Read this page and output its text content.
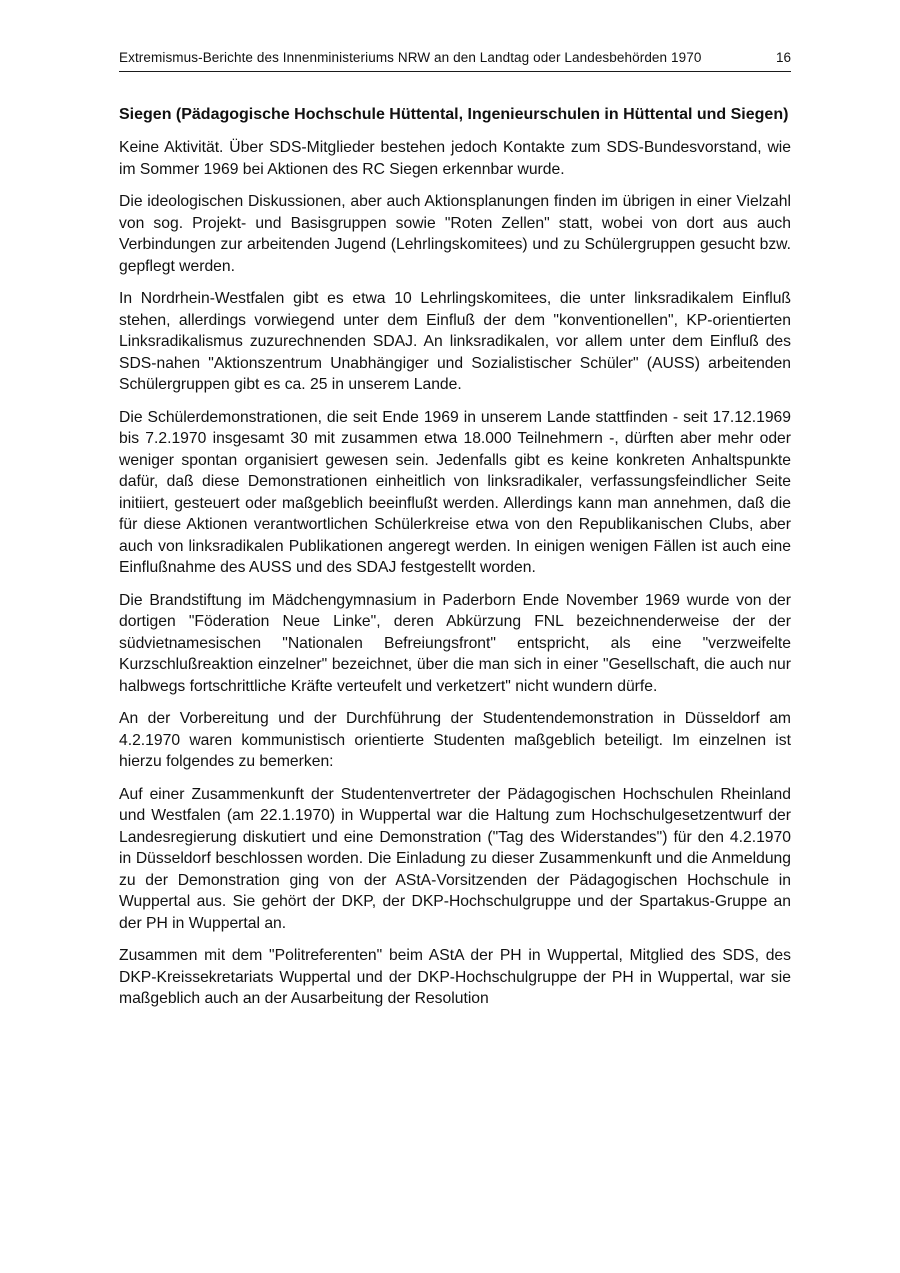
Extremismus-Berichte des Innenministeriums NRW an den Landtag oder Landesbehörden 1970	16
Siegen (Pädagogische Hochschule Hüttental, Ingenieurschulen in Hüttental und Siegen)

Keine Aktivität. Über SDS-Mitglieder bestehen jedoch Kontakte zum SDS-Bundesvorstand, wie im Sommer 1969 bei Aktionen des RC Siegen erkennbar wurde.

Die ideologischen Diskussionen, aber auch Aktionsplanungen finden im übrigen in einer Vielzahl von sog. Projekt- und Basisgruppen sowie "Roten Zellen" statt, wobei von dort aus auch Verbindungen zur arbeitenden Jugend (Lehrlingskomitees) und zu Schülergruppen gesucht bzw. gepflegt werden.

In Nordrhein-Westfalen gibt es etwa 10 Lehrlingskomitees, die unter linksradikalem Einfluß stehen, allerdings vorwiegend unter dem Einfluß der dem "konventionellen", KP-orientierten Linksradikalismus zuzurechnenden SDAJ. An linksradikalen, vor allem unter dem Einfluß des SDS-nahen "Aktionszentrum Unabhängiger und Sozialistischer Schüler" (AUSS) arbeitenden Schülergruppen gibt es ca. 25 in unserem Lande.

Die Schülerdemonstrationen, die seit Ende 1969 in unserem Lande stattfinden - seit 17.12.1969 bis 7.2.1970 insgesamt 30 mit zusammen etwa 18.000 Teilnehmern -, dürften aber mehr oder weniger spontan organisiert gewesen sein. Jedenfalls gibt es keine konkreten Anhaltspunkte dafür, daß diese Demonstrationen einheitlich von linksradikaler, verfassungsfeindlicher Seite initiiert, gesteuert oder maßgeblich beeinflußt werden. Allerdings kann man annehmen, daß die für diese Aktionen verantwortlichen Schülerkreise etwa von den Republikanischen Clubs, aber auch von linksradikalen Publikationen angeregt werden. In einigen wenigen Fällen ist auch eine Einflußnahme des AUSS und des SDAJ festgestellt worden.

Die Brandstiftung im Mädchengymnasium in Paderborn Ende November 1969 wurde von der dortigen "Föderation Neue Linke", deren Abkürzung FNL bezeichnenderweise der der südvietnamesischen "Nationalen Befreiungsfront" entspricht, als eine "verzweifelte Kurzschlußreaktion einzelner" bezeichnet, über die man sich in einer "Gesellschaft, die auch nur halbwegs fortschrittliche Kräfte verteufelt und verketzert" nicht wundern dürfe.

An der Vorbereitung und der Durchführung der Studentendemonstration in Düsseldorf am 4.2.1970 waren kommunistisch orientierte Studenten maßgeblich beteiligt. Im einzelnen ist hierzu folgendes zu bemerken:

Auf einer Zusammenkunft der Studentenvertreter der Pädagogischen Hochschulen Rheinland und Westfalen (am 22.1.1970) in Wuppertal war die Haltung zum Hochschulgesetzentwurf der Landesregierung diskutiert und eine Demonstration ("Tag des Widerstandes") für den 4.2.1970 in Düsseldorf beschlossen worden. Die Einladung zu dieser Zusammenkunft und die Anmeldung zu der Demonstration ging von der AStA-Vorsitzenden der Pädagogischen Hochschule in Wuppertal aus. Sie gehört der DKP, der DKP-Hochschulgruppe und der Spartakus-Gruppe an der PH in Wuppertal an.

Zusammen mit dem "Politreferenten" beim AStA der PH in Wuppertal, Mitglied des SDS, des DKP-Kreissekretariats Wuppertal und der DKP-Hochschulgruppe der PH in Wuppertal, war sie maßgeblich auch an der Ausarbeitung der Resolution
